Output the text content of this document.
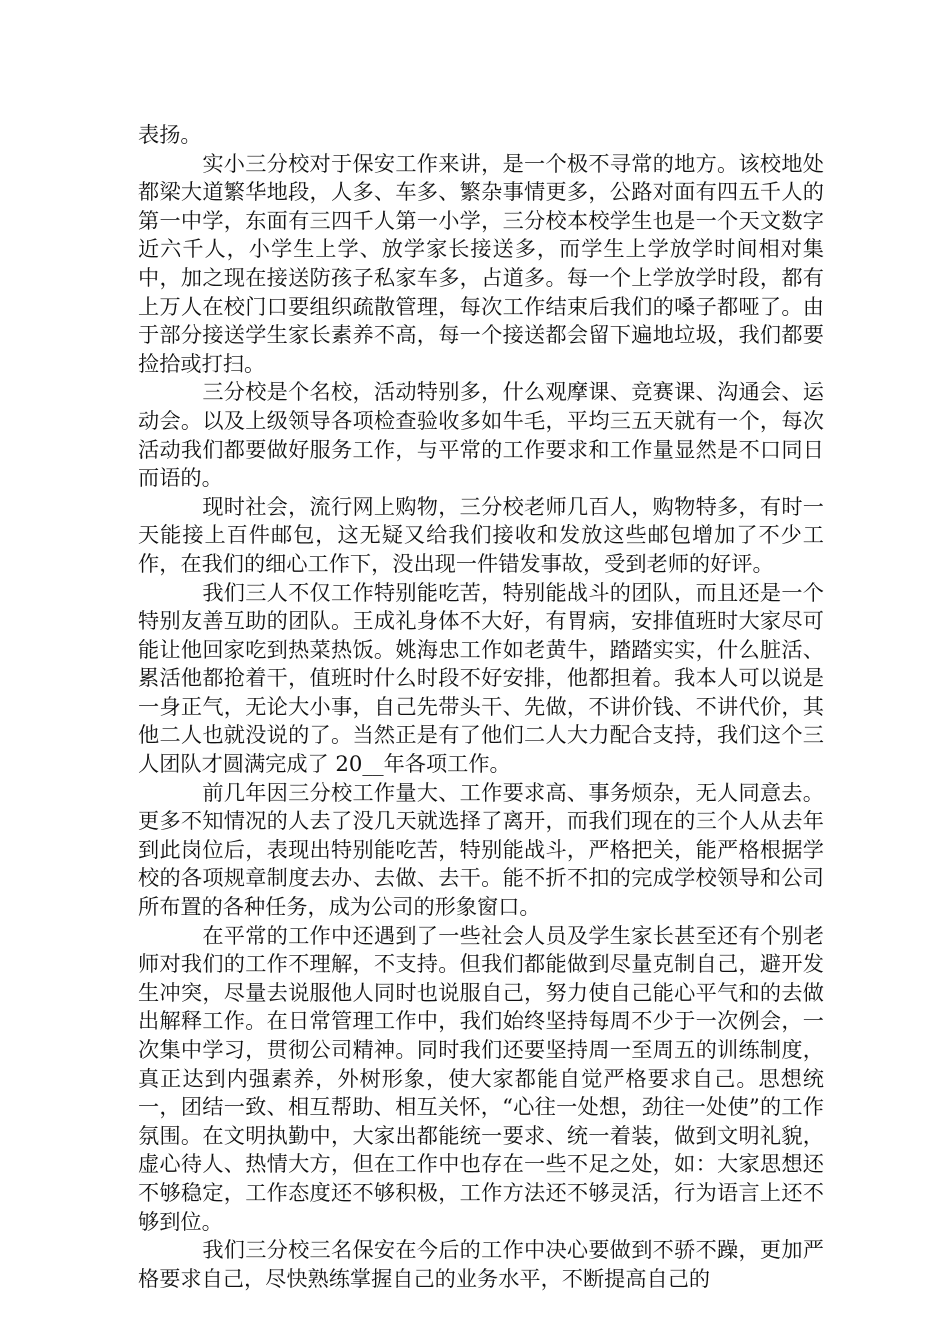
表扬。

　　　实小三分校对于保安工作来讲，是一个极不寻常的地方。该校地处都梁大道繁华地段，人多、车多、繁杂事情更多，公路对面有四五千人的第一中学，东面有三四千人第一小学，三分校本校学生也是一个天文数字近六千人，小学生上学、放学家长接送多，而学生上学放学时间相对集中，加之现在接送防孩子私家车多，占道多。每一个上学放学时段，都有上万人在校门口要组织疏散管理，每次工作结束后我们的嗓子都哑了。由于部分接送学生家长素养不高，每一个接送都会留下遍地垃圾，我们都要捡拾或打扫。

　　　三分校是个名校，活动特别多，什么观摩课、竞赛课、沟通会、运动会。以及上级领导各项检查验收多如牛毛，平均三五天就有一个，每次活动我们都要做好服务工作，与平常的工作要求和工作量显然是不口同日而语的。

　　　现时社会，流行网上购物，三分校老师几百人，购物特多，有时一天能接上百件邮包，这无疑又给我们接收和发放这些邮包增加了不少工作，在我们的细心工作下，没出现一件错发事故，受到老师的好评。

　　　我们三人不仅工作特别能吃苦，特别能战斗的团队，而且还是一个特别友善互助的团队。王成礼身体不大好，有胃病，安排值班时大家尽可能让他回家吃到热菜热饭。姚海忠工作如老黄牛，踏踏实实，什么脏活、累活他都抢着干，值班时什么时段不好安排，他都担着。我本人可以说是一身正气，无论大小事，自己先带头干、先做，不讲价钱、不讲代价，其他二人也就没说的了。当然正是有了他们二人大力配合支持，我们这个三人团队才圆满完成了 20__年各项工作。

　　　前几年因三分校工作量大、工作要求高、事务烦杂，无人同意去。更多不知情况的人去了没几天就选择了离开，而我们现在的三个人从去年到此岗位后，表现出特别能吃苦，特别能战斗，严格把关，能严格根据学校的各项规章制度去办、去做、去干。能不折不扣的完成学校领导和公司所布置的各种任务，成为公司的形象窗口。

　　　在平常的工作中还遇到了一些社会人员及学生家长甚至还有个别老师对我们的工作不理解，不支持。但我们都能做到尽量克制自己，避开发生冲突，尽量去说服他人同时也说服自己，努力使自己能心平气和的去做出解释工作。在日常管理工作中，我们始终坚持每周不少于一次例会，一次集中学习，贯彻公司精神。同时我们还要坚持周一至周五的训练制度，真正达到内强素养，外树形象，使大家都能自觉严格要求自己。思想统一，团结一致、相互帮助、相互关怀，“心往一处想，劲往一处使”的工作氛围。在文明执勤中，大家出都能统一要求、统一着装，做到文明礼貌，虚心待人、热情大方，但在工作中也存在一些不足之处，如：大家思想还不够稳定，工作态度还不够积极，工作方法还不够灵活，行为语言上还不够到位。

　　　我们三分校三名保安在今后的工作中决心要做到不骄不躁，更加严格要求自己，尽快熟练掌握自己的业务水平，不断提高自己的
